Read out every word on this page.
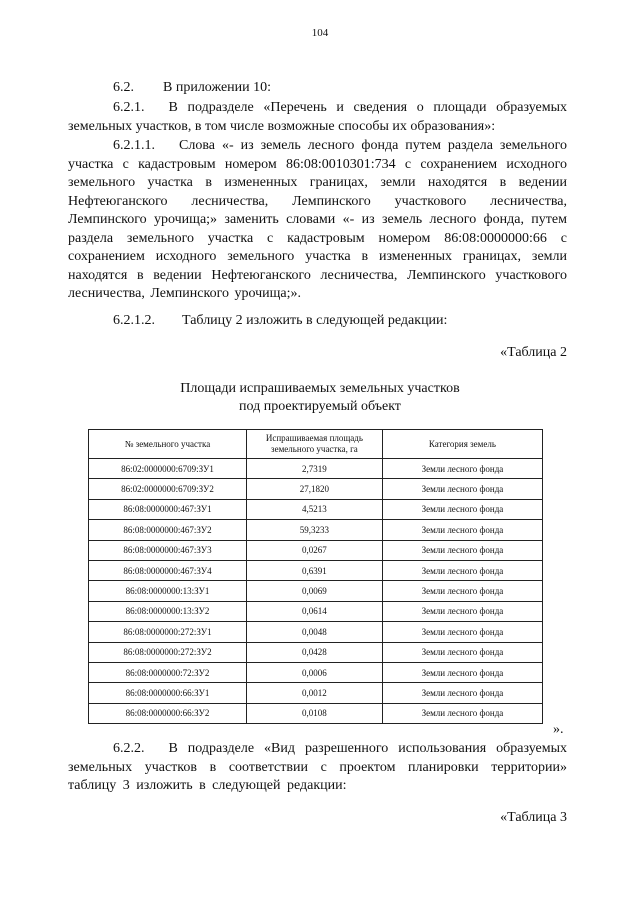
104
6.2. В приложении 10:
6.2.1. В подразделе «Перечень и сведения о площади образуемых земельных участков, в том числе возможные способы их образования»:
6.2.1.1. Слова «- из земель лесного фонда путем раздела земельного участка с кадастровым номером 86:08:0010301:734 с сохранением исходного земельного участка в измененных границах, земли находятся в ведении Нефтеюганского лесничества, Лемпинского участкового лесничества, Лемпинского урочища;» заменить словами «- из земель лесного фонда, путем раздела земельного участка с кадастровым номером 86:08:0000000:66 с сохранением исходного земельного участка в измененных границах, земли находятся в ведении Нефтеюганского лесничества, Лемпинского участкового лесничества, Лемпинского урочища;».
6.2.1.2. Таблицу 2 изложить в следующей редакции:
«Таблица 2
Площади испрашиваемых земельных участков
под проектируемый объект
№ земельного участка	Испрашиваемая площадь земельного участка, га	Категория земель
86:02:0000000:6709:ЗУ1	2,7319	Земли лесного фонда
86:02:0000000:6709:ЗУ2	27,1820	Земли лесного фонда
86:08:0000000:467:ЗУ1	4,5213	Земли лесного фонда
86:08:0000000:467:ЗУ2	59,3233	Земли лесного фонда
86:08:0000000:467:ЗУ3	0,0267	Земли лесного фонда
86:08:0000000:467:ЗУ4	0,6391	Земли лесного фонда
86:08:0000000:13:ЗУ1	0,0069	Земли лесного фонда
86:08:0000000:13:ЗУ2	0,0614	Земли лесного фонда
86:08:0000000:272:ЗУ1	0,0048	Земли лесного фонда
86:08:0000000:272:ЗУ2	0,0428	Земли лесного фонда
86:08:0000000:72:ЗУ2	0,0006	Земли лесного фонда
86:08:0000000:66:ЗУ1	0,0012	Земли лесного фонда
86:08:0000000:66:ЗУ2	0,0108	Земли лесного фонда
».
6.2.2. В подразделе «Вид разрешенного использования образуемых земельных участков в соответствии с проектом планировки территории» таблицу 3 изложить в следующей редакции:
«Таблица 3
